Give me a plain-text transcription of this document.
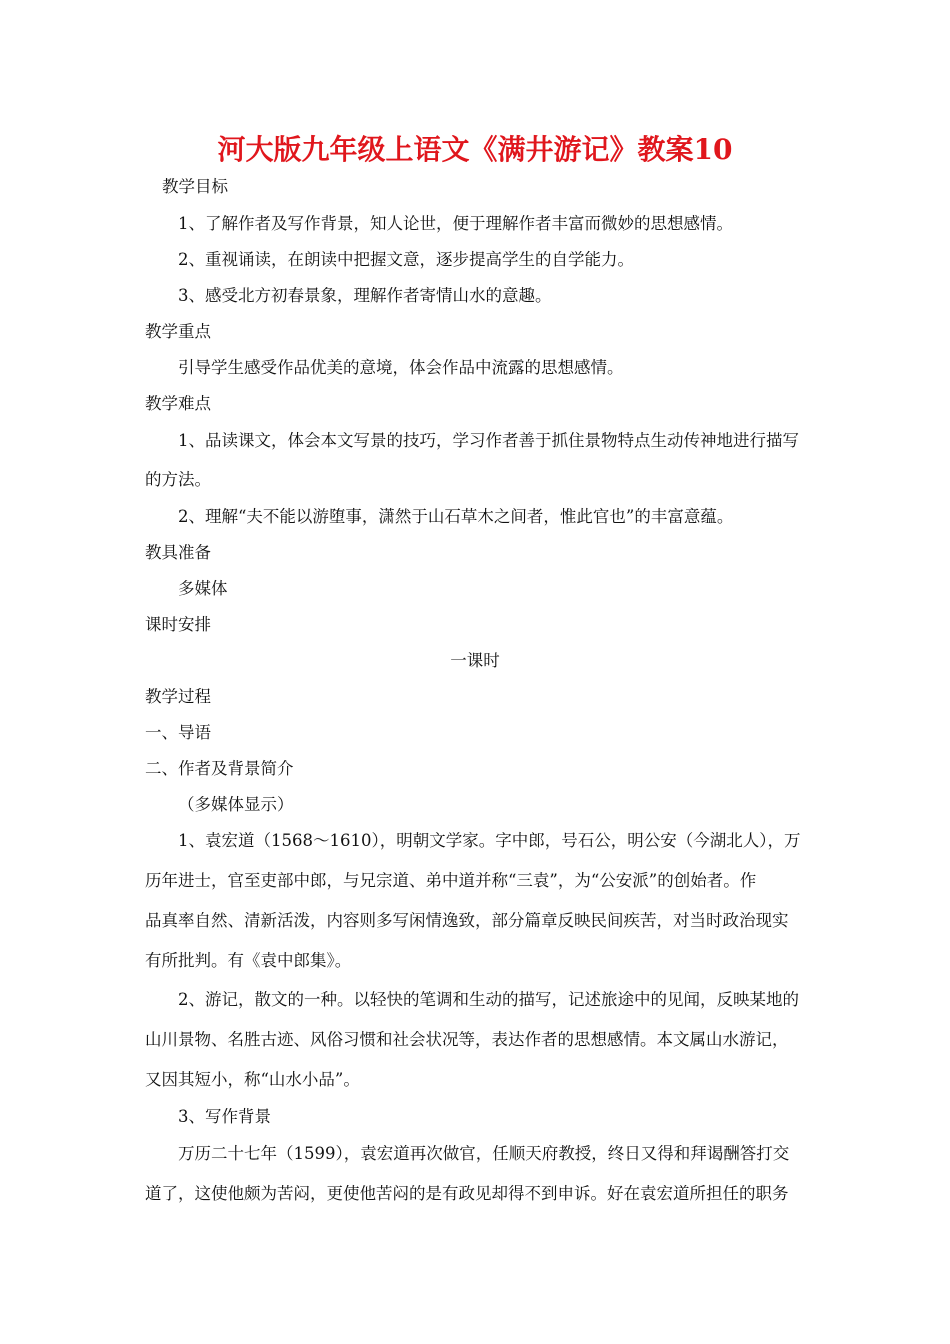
河大版九年级上语文《满井游记》教案10
教学目标
1、了解作者及写作背景，知人论世，便于理解作者丰富而微妙的思想感情。
2、重视诵读，在朗读中把握文意，逐步提高学生的自学能力。
3、感受北方初春景象，理解作者寄情山水的意趣。
教学重点
引导学生感受作品优美的意境，体会作品中流露的思想感情。
教学难点
1、品读课文，体会本文写景的技巧，学习作者善于抓住景物特点生动传神地进行描写
的方法。
2、理解“夫不能以游堕事，潇然于山石草木之间者，惟此官也”的丰富意蕴。
教具准备
多媒体
课时安排
一课时
教学过程
一、导语
二、作者及背景简介
（多媒体显示）
1、袁宏道（1568～1610），明朝文学家。字中郎，号石公，明公安（今湖北人），万
历年进士，官至吏部中郎，与兄宗道、弟中道并称“三袁”，为“公安派”的创始者。作
品真率自然、清新活泼，内容则多写闲情逸致，部分篇章反映民间疾苦，对当时政治现实
有所批判。有《袁中郎集》。
2、游记，散文的一种。以轻快的笔调和生动的描写，记述旅途中的见闻，反映某地的
山川景物、名胜古迹、风俗习惯和社会状况等，表达作者的思想感情。本文属山水游记，
又因其短小，称“山水小品”。
3、写作背景
万历二十七年（1599），袁宏道再次做官，任顺天府教授，终日又得和拜谒酬答打交
道了，这使他颇为苦闷，更使他苦闷的是有政见却得不到申诉。好在袁宏道所担任的职务
